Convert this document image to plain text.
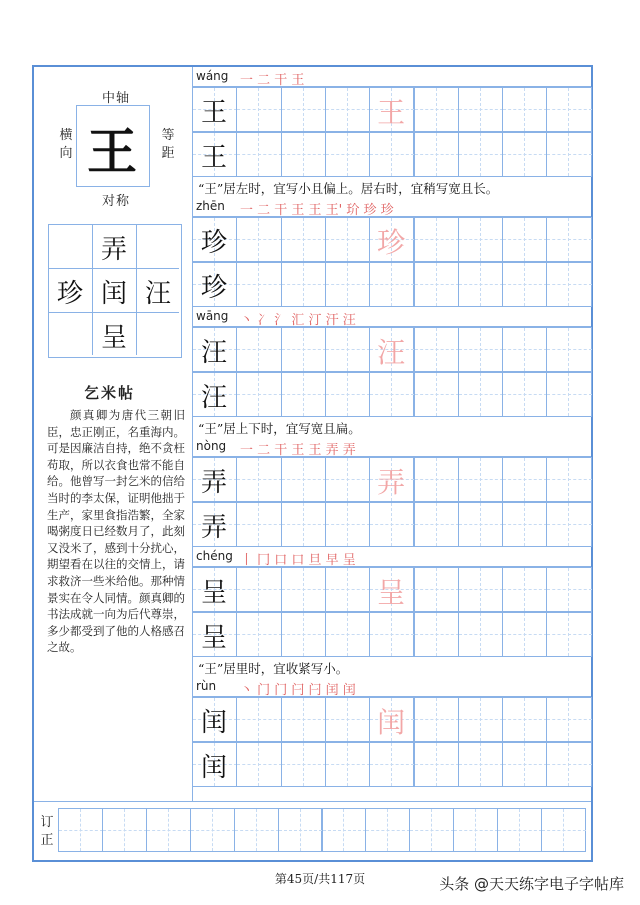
中轴
王
横向
等距
对称
弄
珍 闰 汪
呈
乞米帖
颜真卿为唐代三朝旧臣，忠正刚正，名重海内。可是因廉洁自持，绝不贪枉苟取，所以衣食也常不能自给。他曾写一封乞米的信给当时的李太保，证明他拙于生产，家里食指浩繁，全家喝粥度日已经数月了，此刻又没米了，感到十分扰心，期望看在以往的交情上，请求救济一些米给他。那种情景实在令人同情。颜真卿的书法成就一向为后代尊崇，多少都受到了他的人格感召之故。
wáng 一 二 干 王
王	王
王
“王”居左时，宜写小且偏上。居右时，宜稍写宽且长。
zhēn 一 二 干 王 王 王' 玠 珍 珍
珍	珍
珍
wāng 丶 冫 氵 汇 汀 汗 汪
汪	汪
汪
“王”居上下时，宜写宽且扁。
nòng 一 二 干 王 王 弄 弄
弄	弄
弄
chéng 丨 冂 口 口 旦 早 呈
呈	呈
呈
“王”居里时，宜收紧写小。
rùn 丶 门 门 闩 闩 闰 闰
闰	闰
闰
订正
第45页/共117页	头条 @天天练字电子字帖库
